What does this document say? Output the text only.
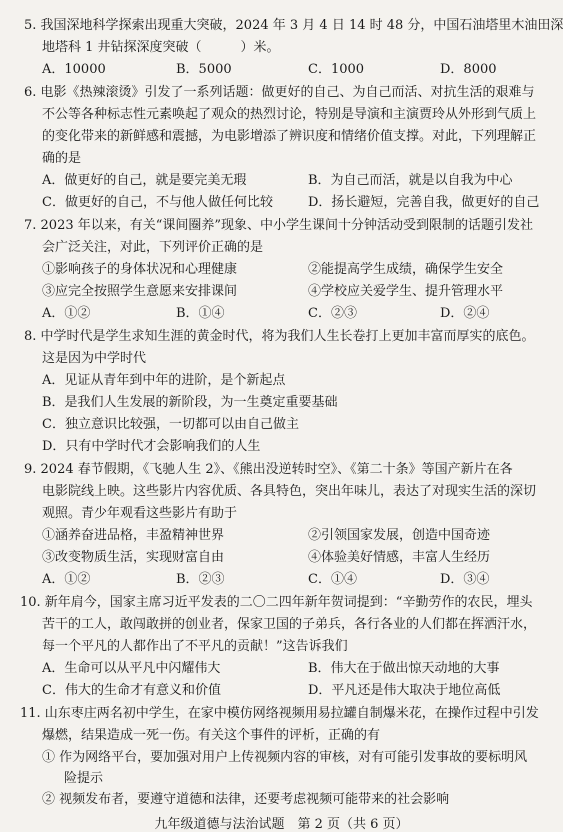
5. 我国深地科学探索出现重大突破，2024 年 3 月 4 日 14 时 48 分，中国石油塔里木油田深
地塔科 1 井钻探深度突破（　　　）米。
A．10000	B．5000	C．1000	D．8000
6. 电影《热辣滚烫》引发了一系列话题：做更好的自己、为自己而活、对抗生活的艰难与
不公等各种标志性元素唤起了观众的热烈讨论，特别是导演和主演贾玲从外形到气质上
的变化带来的新鲜感和震撼，为电影增添了辨识度和情绪价值支撑。对此，下列理解正
确的是
A．做更好的自己，就是要完美无瑕	B．为自己而活，就是以自我为中心
C．做更好的自己，不与他人做任何比较	D．扬长避短，完善自我，做更好的自己
7. 2023 年以来，有关“课间圈养”现象、中小学生课间十分钟活动受到限制的话题引发社
会广泛关注，对此，下列评价正确的是
①影响孩子的身体状况和心理健康	②能提高学生成绩，确保学生安全
③应完全按照学生意愿来安排课间	④学校应关爱学生、提升管理水平
A．①②	B．①④	C．②③	D．②④
8. 中学时代是学生求知生涯的黄金时代，将为我们人生长卷打上更加丰富而厚实的底色。
这是因为中学时代
A．见证从青年到中年的进阶，是个新起点
B．是我们人生发展的新阶段，为一生奠定重要基础
C．独立意识比较强，一切都可以由自己做主
D．只有中学时代才会影响我们的人生
9. 2024 春节假期，《飞驰人生 2》、《熊出没逆转时空》、《第二十条》等国产新片在各
电影院线上映。这些影片内容优质、各具特色，突出年味儿，表达了对现实生活的深切
观照。青少年观看这些影片有助于
①涵养奋进品格，丰盈精神世界	②引领国家发展，创造中国奇迹
③改变物质生活，实现财富自由	④体验美好情感，丰富人生经历
A．①②	B．②③	C．①④	D．③④
10. 新年肩今，国家主席习近平发表的二〇二四年新年贺词提到：“辛勤劳作的农民，埋头
苦干的工人，敢闯敢拼的创业者，保家卫国的子弟兵，各行各业的人们都在挥洒汗水，
每一个平凡的人都作出了不平凡的贡献！”这告诉我们
A．生命可以从平凡中闪耀伟大	B．伟大在于做出惊天动地的大事
C．伟大的生命才有意义和价值	D．平凡还是伟大取决于地位高低
11. 山东枣庄两名初中学生，在家中模仿网络视频用易拉罐自制爆米花，在操作过程中引发
爆燃，结果造成一死一伤。有关这个事件的评析，正确的有
① 作为网络平台，要加强对用户上传视频内容的审核，对有可能引发事故的要标明风
险提示
② 视频发布者，要遵守道德和法律，还要考虑视频可能带来的社会影响
九年级道德与法治试题　第 2 页（共 6 页）
